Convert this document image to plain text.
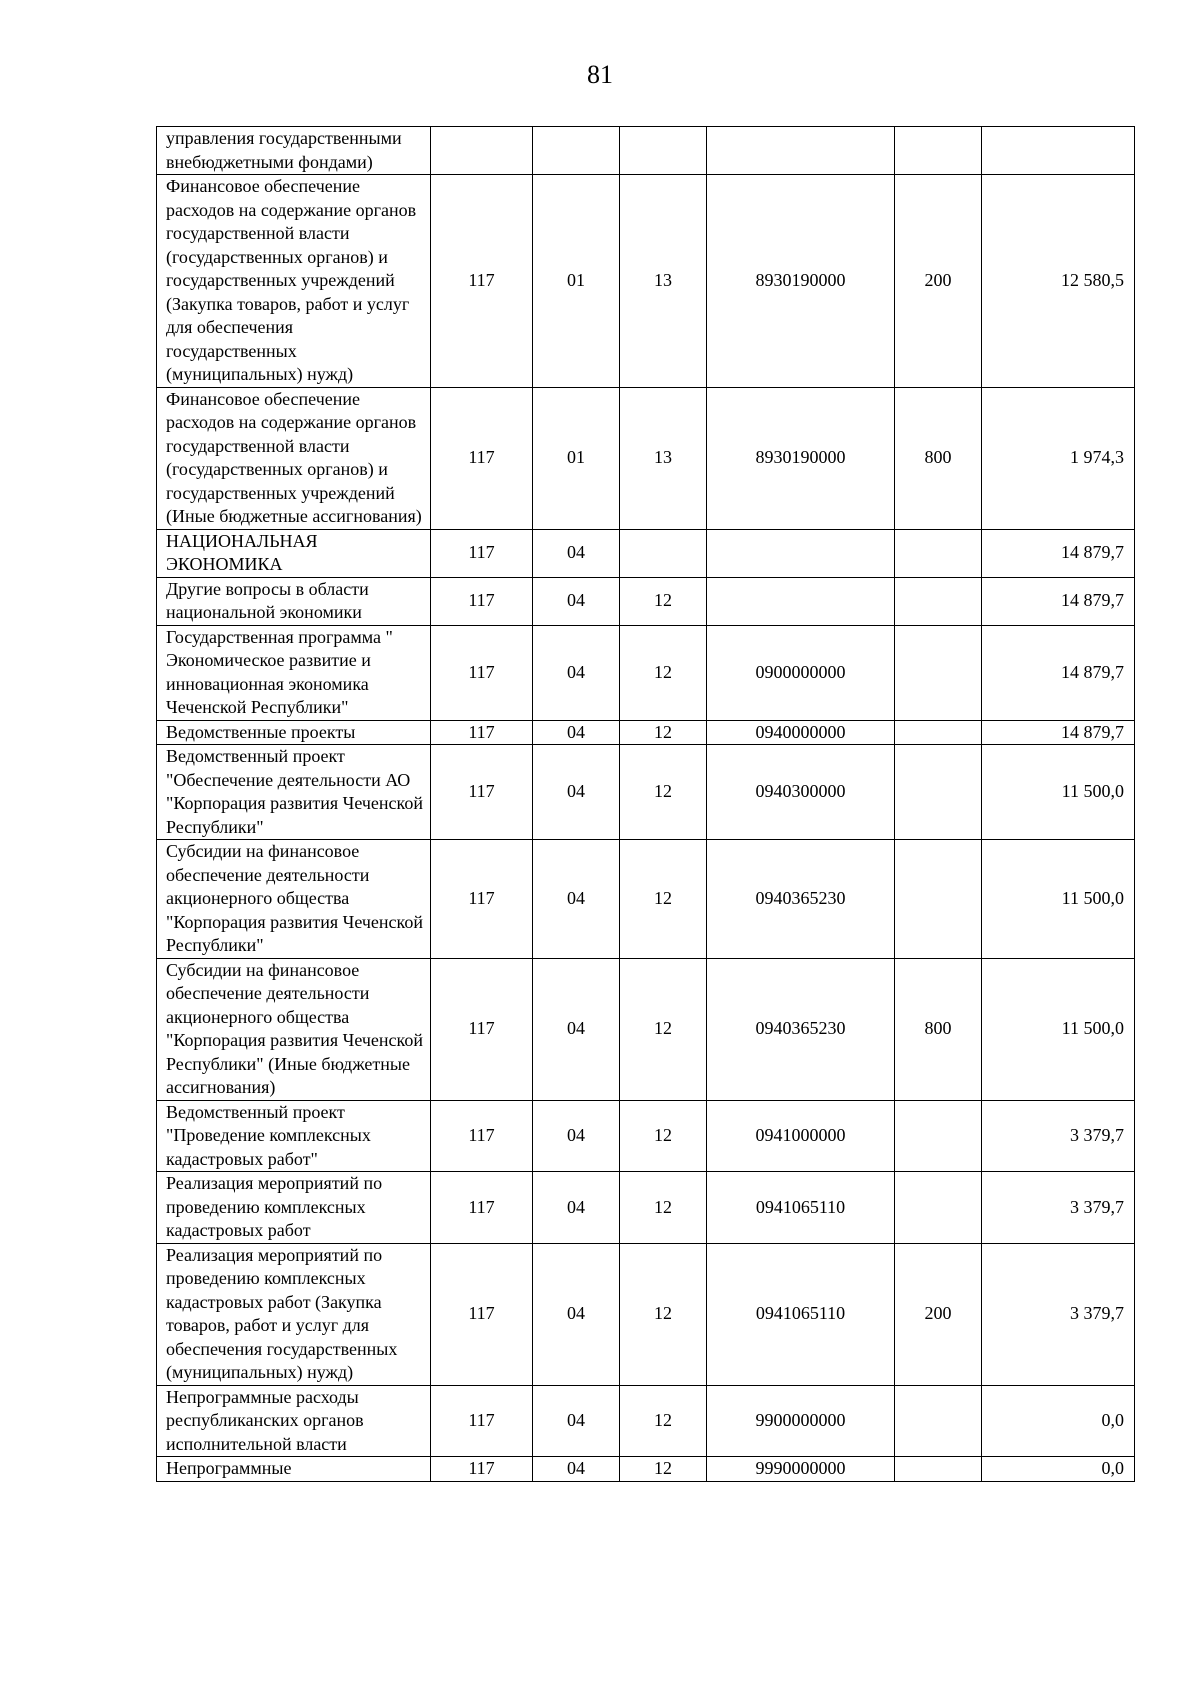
81
управления государственными внебюджетными фондами)						
Финансовое обеспечение расходов на содержание органов государственной власти (государственных органов) и государственных учреждений (Закупка товаров, работ и услуг для обеспечения государственных (муниципальных) нужд)	117	01	13	8930190000	200	12 580,5
Финансовое обеспечение расходов на содержание органов государственной власти (государственных органов) и государственных учреждений (Иные бюджетные ассигнования)	117	01	13	8930190000	800	1 974,3
НАЦИОНАЛЬНАЯ ЭКОНОМИКА	117	04				14 879,7
Другие вопросы в области национальной экономики	117	04	12			14 879,7
Государственная программа " Экономическое развитие и инновационная экономика Чеченской Республики"	117	04	12	0900000000		14 879,7
Ведомственные проекты	117	04	12	0940000000		14 879,7
Ведомственный проект "Обеспечение деятельности АО "Корпорация развития Чеченской Республики"	117	04	12	0940300000		11 500,0
Субсидии на финансовое обеспечение деятельности акционерного общества "Корпорация развития Чеченской Республики"	117	04	12	0940365230		11 500,0
Субсидии на финансовое обеспечение деятельности акционерного общества "Корпорация развития Чеченской Республики" (Иные бюджетные ассигнования)	117	04	12	0940365230	800	11 500,0
Ведомственный проект "Проведение комплексных кадастровых работ"	117	04	12	0941000000		3 379,7
Реализация мероприятий по проведению комплексных кадастровых работ	117	04	12	0941065110		3 379,7
Реализация мероприятий по проведению комплексных кадастровых работ (Закупка товаров, работ и услуг для обеспечения государственных (муниципальных) нужд)	117	04	12	0941065110	200	3 379,7
Непрограммные расходы республиканских органов исполнительной власти	117	04	12	9900000000		0,0
Непрограммные	117	04	12	9990000000		0,0
